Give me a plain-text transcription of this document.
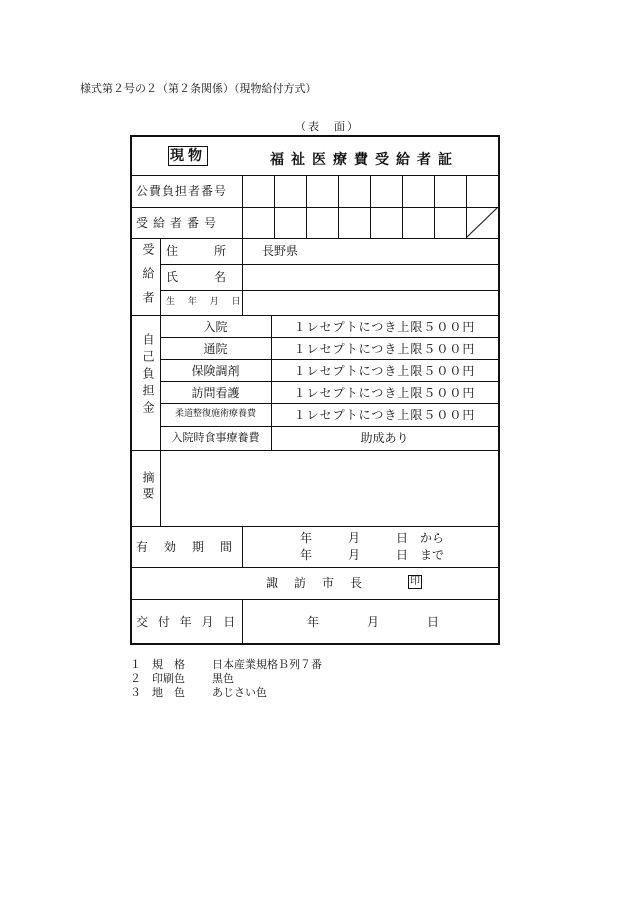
様式第２号の２（第２条関係）（現物給付方式）
（表　面）
現物	福祉医療費受給者証
公費負担者番号
受給者番号
受給者
住　　　所	長野県
氏　　　名
生 年 月 日
自己負担金
入院	１レセプトにつき上限５００円
通院	１レセプトにつき上限５００円
保険調剤	１レセプトにつき上限５００円
訪問看護	１レセプトにつき上限５００円
柔道整復施術療養費	１レセプトにつき上限５００円
入院時食事療養費	助成あり
摘要
有　効　期　間
年　　　月　　　日　から
年　　　月　　　日　まで
諏　訪　市　長	印
交 付 年 月 日	年　　　　月　　　　日
１	規　格	日本産業規格Ｂ列７番
２	印刷色	黒色
３	地　色	あじさい色
